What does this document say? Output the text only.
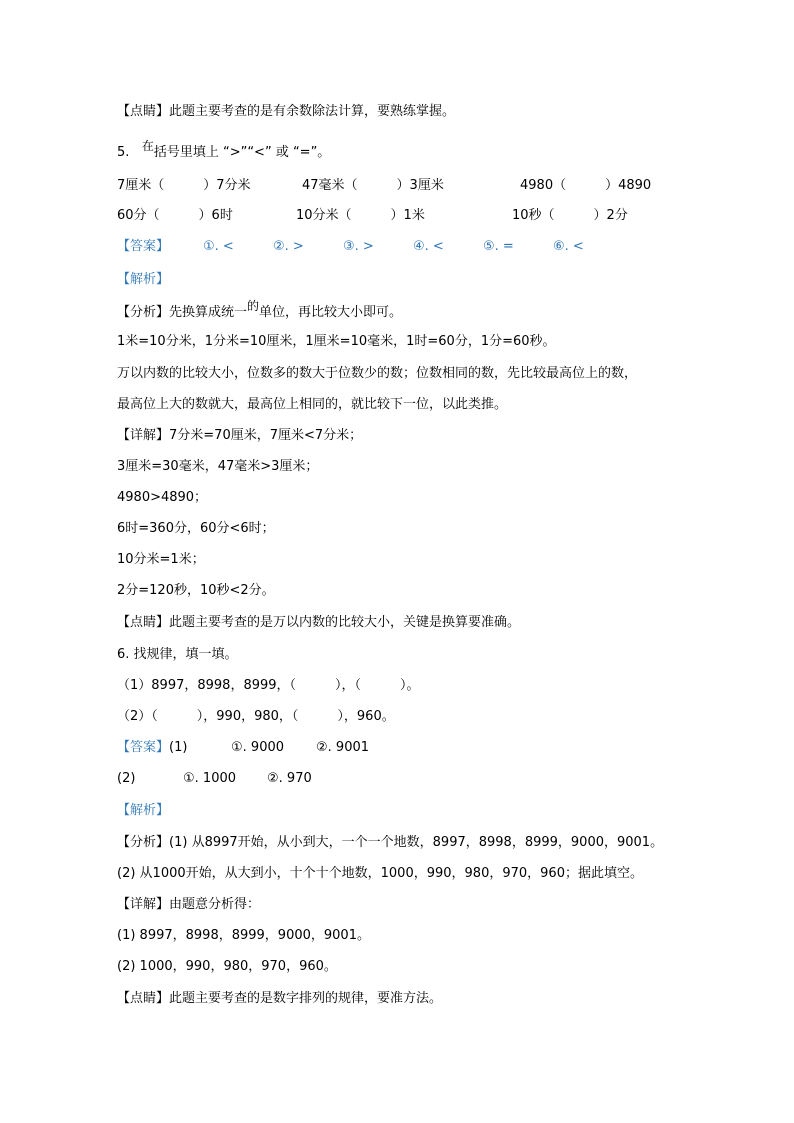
【点睛】此题主要考查的是有余数除法计算，要熟练掌握。
5. 在括号里填上 “>”“<” 或 “=”。
7厘米（　　　）7分米	47毫米（　　　）3厘米	4980（　　　）4890
60分（　　　）6时	10分米（　　　）1米	10秒（　　　）2分
【答案】	①. <	②. >	③. >	④. <	⑤. =	⑥. <
【解析】
【分析】先换算成统一的单位，再比较大小即可。
1米=10分米，1分米=10厘米，1厘米=10毫米，1时=60分，1分=60秒。
万以内数的比较大小，位数多的数大于位数少的数；位数相同的数，先比较最高位上的数，
最高位上大的数就大，最高位上相同的，就比较下一位，以此类推。
【详解】7分米=70厘米，7厘米<7分米；
3厘米=30毫米，47毫米>3厘米；
4980>4890；
6时=360分，60分<6时；
10分米=1米；
2分=120秒，10秒<2分。
【点睛】此题主要考查的是万以内数的比较大小，关键是换算要准确。
6. 找规律，填一填。
（1）8997，8998，8999，（　　　），（　　　）。
（2）（　　　），990，980，（　　　），960。
【答案】(1)	①. 9000 ②. 9001
(2)	①. 1000 ②. 970
【解析】
【分析】(1) 从8997开始，从小到大，一个一个地数，8997，8998，8999，9000，9001。
(2) 从1000开始，从大到小，十个十个地数，1000，990，980，970，960；据此填空。
【详解】由题意分析得：
(1) 8997，8998，8999，9000，9001。
(2) 1000，990，980，970，960。
【点睛】此题主要考查的是数字排列的规律，要准方法。
